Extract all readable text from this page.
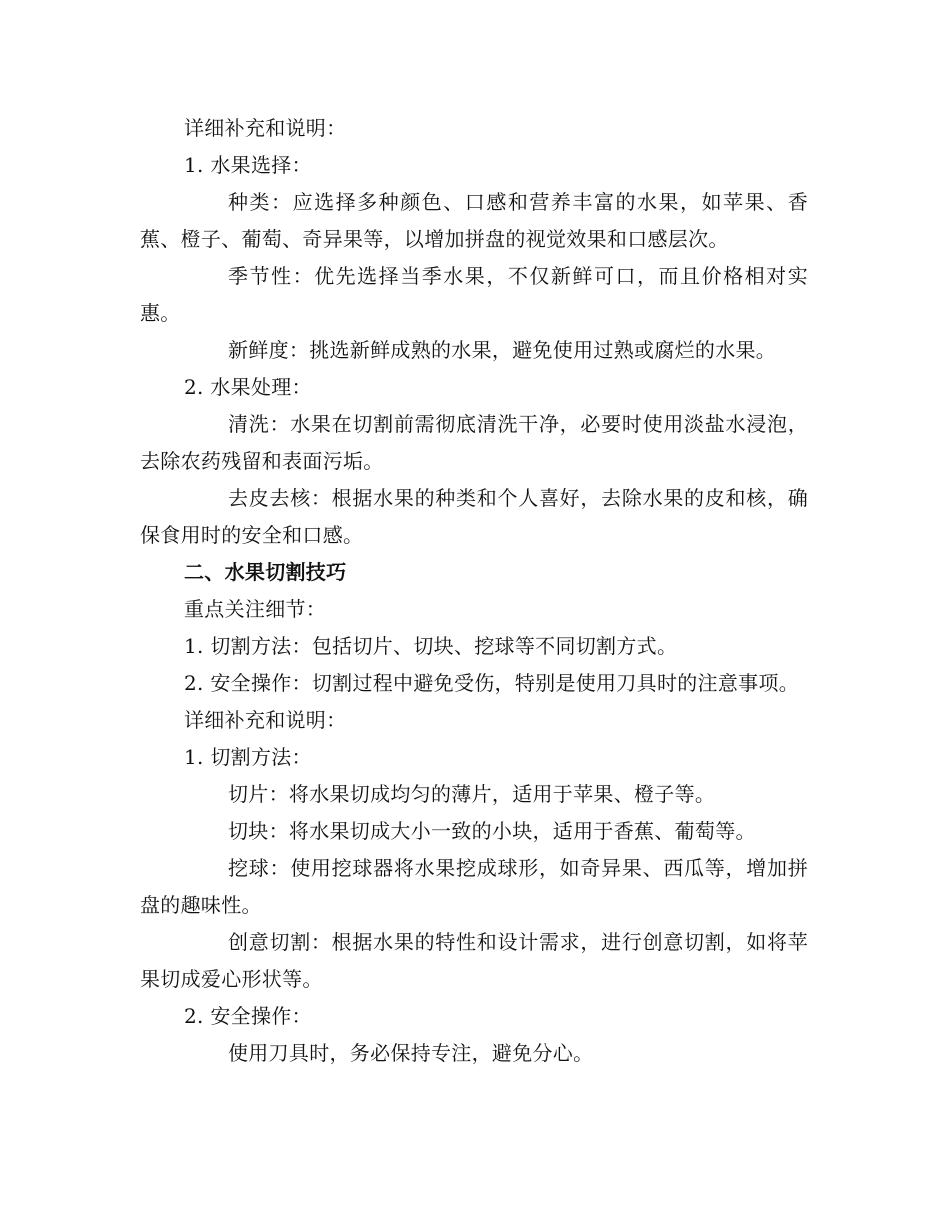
详细补充和说明：

1. 水果选择：

种类：应选择多种颜色、口感和营养丰富的水果，如苹果、香蕉、橙子、葡萄、奇异果等，以增加拼盘的视觉效果和口感层次。

季节性：优先选择当季水果，不仅新鲜可口，而且价格相对实惠。

新鲜度：挑选新鲜成熟的水果，避免使用过熟或腐烂的水果。

2. 水果处理：

清洗：水果在切割前需彻底清洗干净，必要时使用淡盐水浸泡，去除农药残留和表面污垢。

去皮去核：根据水果的种类和个人喜好，去除水果的皮和核，确保食用时的安全和口感。

二、水果切割技巧

重点关注细节：

1. 切割方法：包括切片、切块、挖球等不同切割方式。

2. 安全操作：切割过程中避免受伤，特别是使用刀具时的注意事项。

详细补充和说明：

1. 切割方法：

切片：将水果切成均匀的薄片，适用于苹果、橙子等。

切块：将水果切成大小一致的小块，适用于香蕉、葡萄等。

挖球：使用挖球器将水果挖成球形，如奇异果、西瓜等，增加拼盘的趣味性。

创意切割：根据水果的特性和设计需求，进行创意切割，如将苹果切成爱心形状等。

2. 安全操作：

使用刀具时，务必保持专注，避免分心。
